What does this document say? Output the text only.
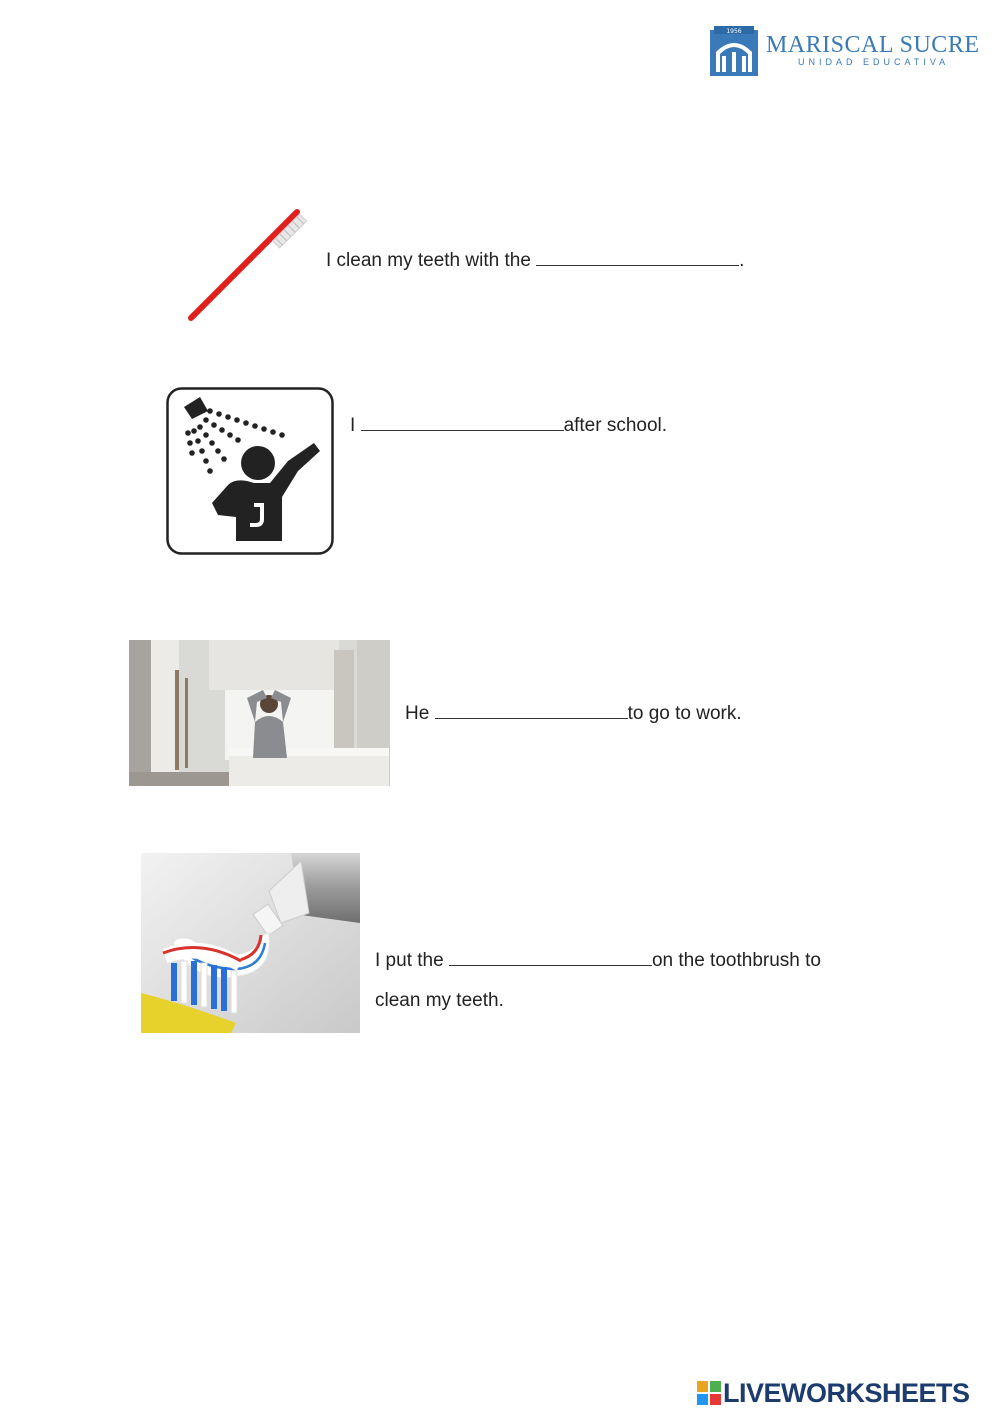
1956
MARISCAL SUCRE
UNIDAD EDUCATIVA
I clean my teeth with the	.
I	after school.
He	to go to work.
I put the	on the toothbrush to
clean my teeth.
LIVEWORKSHEETS
